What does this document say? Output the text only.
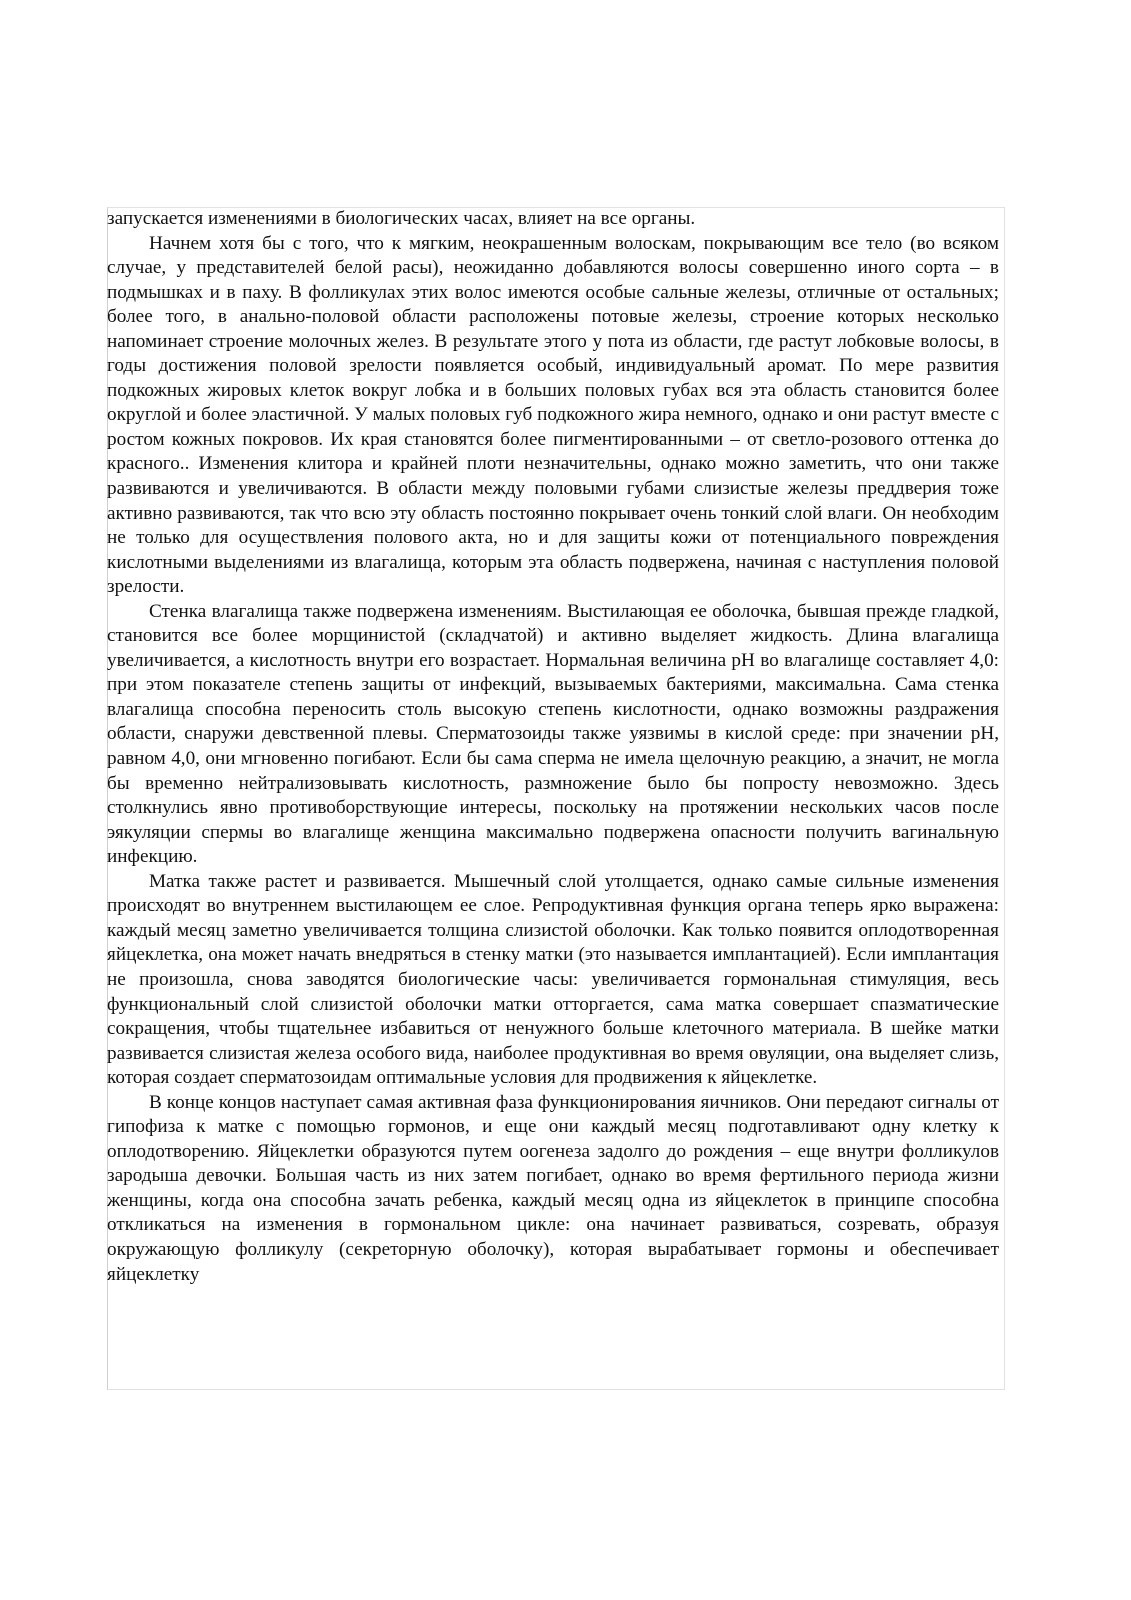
запускается изменениями в биологических часах, влияет на все органы.

Начнем хотя бы с того, что к мягким, неокрашенным волоскам, покрывающим все тело (во всяком случае, у представителей белой расы), неожиданно добавляются волосы совершенно иного сорта – в подмышках и в паху. В фолликулах этих волос имеются особые сальные железы, отличные от остальных; более того, в анально-половой области расположены потовые железы, строение которых несколько напоминает строение молочных желез. В результате этого у пота из области, где растут лобковые волосы, в годы достижения половой зрелости появляется особый, индивидуальный аромат. По мере развития подкожных жировых клеток вокруг лобка и в больших половых губах вся эта область становится более округлой и более эластичной. У малых половых губ подкожного жира немного, однако и они растут вместе с ростом кожных покровов. Их края становятся более пигментированными – от светло-розового оттенка до красного.. Изменения клитора и крайней плоти незначительны, однако можно заметить, что они также развиваются и увеличиваются. В области между половыми губами слизистые железы преддверия тоже активно развиваются, так что всю эту область постоянно покрывает очень тонкий слой влаги. Он необходим не только для осуществления полового акта, но и для защиты кожи от потенциального повреждения кислотными выделениями из влагалища, которым эта область подвержена, начиная с наступления половой зрелости.

Стенка влагалища также подвержена изменениям. Выстилающая ее оболочка, бывшая прежде гладкой, становится все более морщинистой (складчатой) и активно выделяет жидкость. Длина влагалища увеличивается, а кислотность внутри его возрастает. Нормальная величина pH во влагалище составляет 4,0: при этом показателе степень защиты от инфекций, вызываемых бактериями, максимальна. Сама стенка влагалища способна переносить столь высокую степень кислотности, однако возможны раздражения области, снаружи девственной плевы. Сперматозоиды также уязвимы в кислой среде: при значении pH, равном 4,0, они мгновенно погибают. Если бы сама сперма не имела щелочную реакцию, а значит, не могла бы временно нейтрализовывать кислотность, размножение было бы попросту невозможно. Здесь столкнулись явно противоборствующие интересы, поскольку на протяжении нескольких часов после эякуляции спермы во влагалище женщина максимально подвержена опасности получить вагинальную инфекцию.

Матка также растет и развивается. Мышечный слой утолщается, однако самые сильные изменения происходят во внутреннем выстилающем ее слое. Репродуктивная функция органа теперь ярко выражена: каждый месяц заметно увеличивается толщина слизистой оболочки. Как только появится оплодотворенная яйцеклетка, она может начать внедряться в стенку матки (это называется имплантацией). Если имплантация не произошла, снова заводятся биологические часы: увеличивается гормональная стимуляция, весь функциональный слой слизистой оболочки матки отторгается, сама матка совершает спазматические сокращения, чтобы тщательнее избавиться от ненужного больше клеточного материала. В шейке матки развивается слизистая железа особого вида, наиболее продуктивная во время овуляции, она выделяет слизь, которая создает сперматозоидам оптимальные условия для продвижения к яйцеклетке.

В конце концов наступает самая активная фаза функционирования яичников. Они передают сигналы от гипофиза к матке с помощью гормонов, и еще они каждый месяц подготавливают одну клетку к оплодотворению. Яйцеклетки образуются путем оогенеза задолго до рождения – еще внутри фолликулов зародыша девочки. Большая часть из них затем погибает, однако во время фертильного периода жизни женщины, когда она способна зачать ребенка, каждый месяц одна из яйцеклеток в принципе способна откликаться на изменения в гормональном цикле: она начинает развиваться, созревать, образуя окружающую фолликулу (секреторную оболочку), которая вырабатывает гормоны и обеспечивает яйцеклетку
